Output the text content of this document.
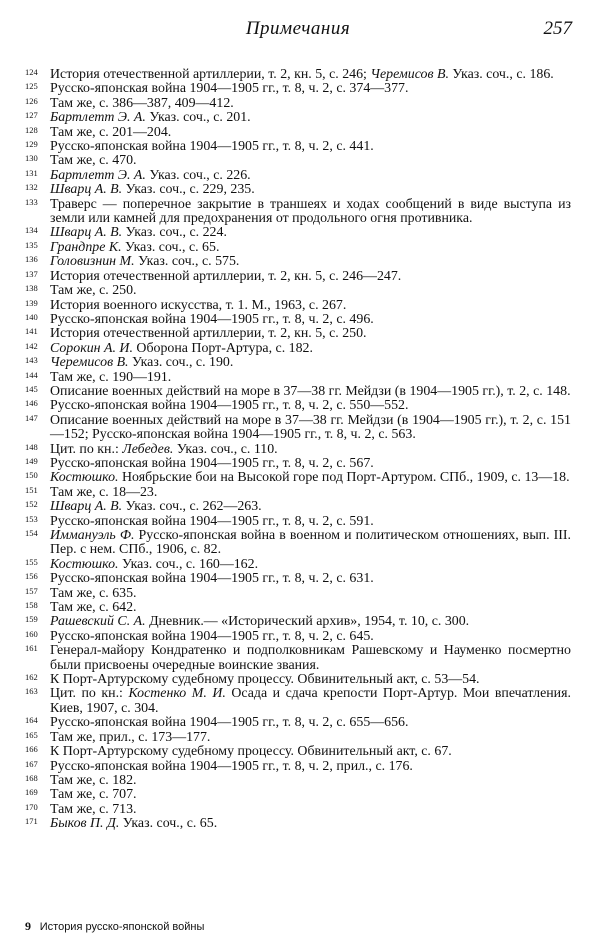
Примечания	257
124 История отечественной артиллерии, т. 2, кн. 5, с. 246; Черемисов В. Указ. соч., с. 186.
125 Русско-японская война 1904—1905 гг., т. 8, ч. 2, с. 374—377.
126 Там же, с. 386—387, 409—412.
127 Бартлетт Э. А. Указ. соч., с. 201.
128 Там же, с. 201—204.
129 Русско-японская война 1904—1905 гг., т. 8, ч. 2, с. 441.
130 Там же, с. 470.
131 Бартлетт Э. А. Указ. соч., с. 226.
132 Шварц А. В. Указ. соч., с. 229, 235.
133 Траверс — поперечное закрытие в траншеях и ходах сообщений в виде выступа из земли или камней для предохранения от продольного огня противника.
134 Шварц А. В. Указ. соч., с. 224.
135 Грандпре К. Указ. соч., с. 65.
136 Головизнин М. Указ. соч., с. 575.
137 История отечественной артиллерии, т. 2, кн. 5, с. 246—247.
138 Там же, с. 250.
139 История военного искусства, т. 1. М., 1963, с. 267.
140 Русско-японская война 1904—1905 гг., т. 8, ч. 2, с. 496.
141 История отечественной артиллерии, т. 2, кн. 5, с. 250.
142 Сорокин А. И. Оборона Порт-Артура, с. 182.
143 Черемисов В. Указ. соч., с. 190.
144 Там же, с. 190—191.
145 Описание военных действий на море в 37—38 гг. Мейдзи (в 1904—1905 гг.), т. 2, с. 148.
146 Русско-японская война 1904—1905 гг., т. 8, ч. 2, с. 550—552.
147 Описание военных действий на море в 37—38 гг. Мейдзи (в 1904—1905 гг.), т. 2, с. 151—152; Русско-японская война 1904—1905 гг., т. 8, ч. 2, с. 563.
148 Цит. по кн.: Лебедев. Указ. соч., с. 110.
149 Русско-японская война 1904—1905 гг., т. 8, ч. 2, с. 567.
150 Костюшко. Ноябрьские бои на Высокой горе под Порт-Артуром. СПб., 1909, с. 13—18.
151 Там же, с. 18—23.
152 Шварц А. В. Указ. соч., с. 262—263.
153 Русско-японская война 1904—1905 гг., т. 8, ч. 2, с. 591.
154 Иммануэль Ф. Русско-японская война в военном и политическом отношениях, вып. III. Пер. с нем. СПб., 1906, с. 82.
155 Костюшко. Указ. соч., с. 160—162.
156 Русско-японская война 1904—1905 гг., т. 8, ч. 2, с. 631.
157 Там же, с. 635.
158 Там же, с. 642.
159 Рашевский С. А. Дневник.— «Исторический архив», 1954, т. 10, с. 300.
160 Русско-японская война 1904—1905 гг., т. 8, ч. 2, с. 645.
161 Генерал-майору Кондратенко и подполковникам Рашевскому и Науменко посмертно были присвоены очередные воинские звания.
162 К Порт-Артурскому судебному процессу. Обвинительный акт, с. 53—54.
163 Цит. по кн.: Костенко М. И. Осада и сдача крепости Порт-Артур. Мои впечатления. Киев, 1907, с. 304.
164 Русско-японская война 1904—1905 гг., т. 8, ч. 2, с. 655—656.
165 Там же, прил., с. 173—177.
166 К Порт-Артурскому судебному процессу. Обвинительный акт, с. 67.
167 Русско-японская война 1904—1905 гг., т. 8, ч. 2, прил., с. 176.
168 Там же, с. 182.
169 Там же, с. 707.
170 Там же, с. 713.
171 Быков П. Д. Указ. соч., с. 65.
9 История русско-японской войны
